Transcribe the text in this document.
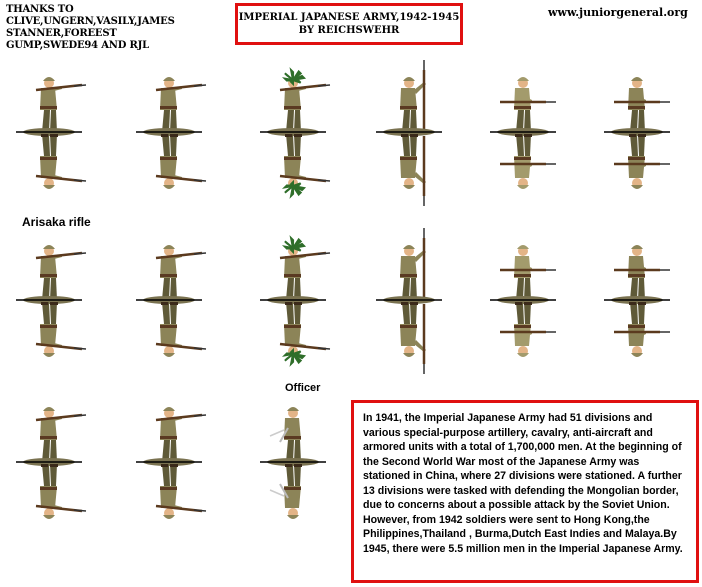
THANKS TO
CLIVE,UNGERN,VASILY,JAMES
STANNER,FOREEST
GUMP,SWEDE94 AND RJL
IMPERIAL JAPANESE ARMY,1942-1945
BY REICHSWEHR
www.juniorgeneral.org
Arisaka rifle
Officer
In 1941, the Imperial Japanese Army had 51 divisions and various special-purpose artillery, cavalry, anti-aircraft and armored units with a total of 1,700,000 men. At the beginning of the Second World War most of the Japanese Army was stationed in China, where 27 divisions were stationed. A further 13 divisions were tasked with defending the Mongolian border, due to concerns about a possible attack by the Soviet Union. However, from 1942 soldiers were sent to Hong Kong,the Philippines,Thailand , Burma,Dutch East Indies and Malaya.By 1945, there were 5.5 million men in the Imperial Japanese Army.
